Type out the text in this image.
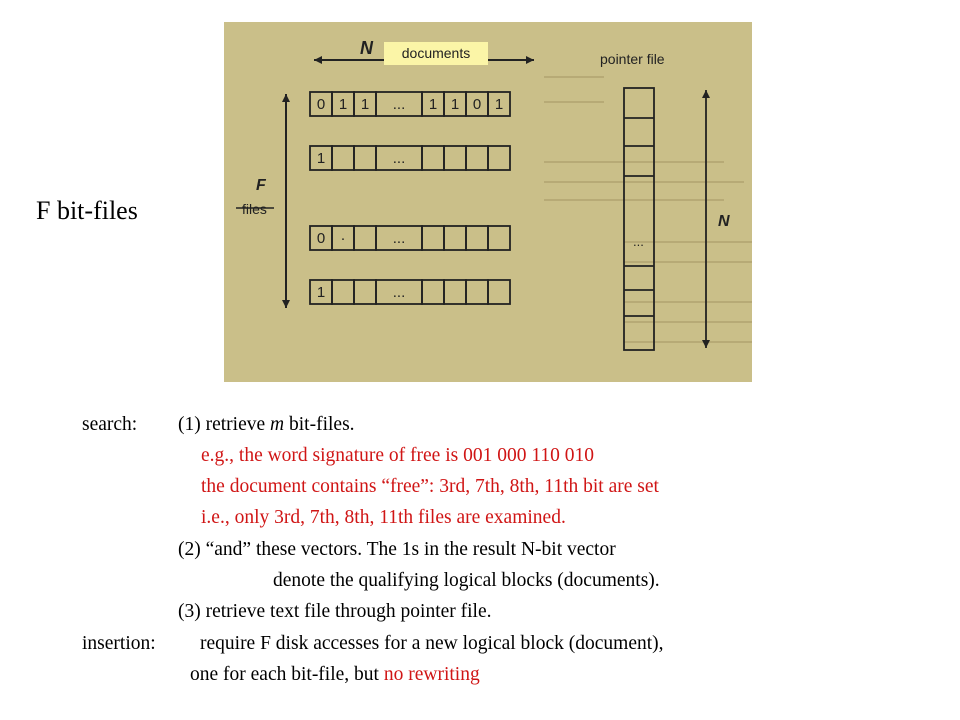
F bit-files
N
F
files
0 1 1 ... 1 1 0 1
1	...
0 ·	...
1	...
pointer file
...
N
documents
search: (1) retrieve m bit-files.
e.g., the word signature of free is 001 000 110 010
the document contains “free”: 3rd, 7th, 8th, 11th bit are set
i.e., only 3rd, 7th, 8th, 11th files are examined.
(2) “and” these vectors. The 1s in the result N-bit vector
denote the qualifying logical blocks (documents).
(3) retrieve text file through pointer file.
insertion: require F disk accesses for a new logical block (document),
one for each bit-file, but no rewriting
